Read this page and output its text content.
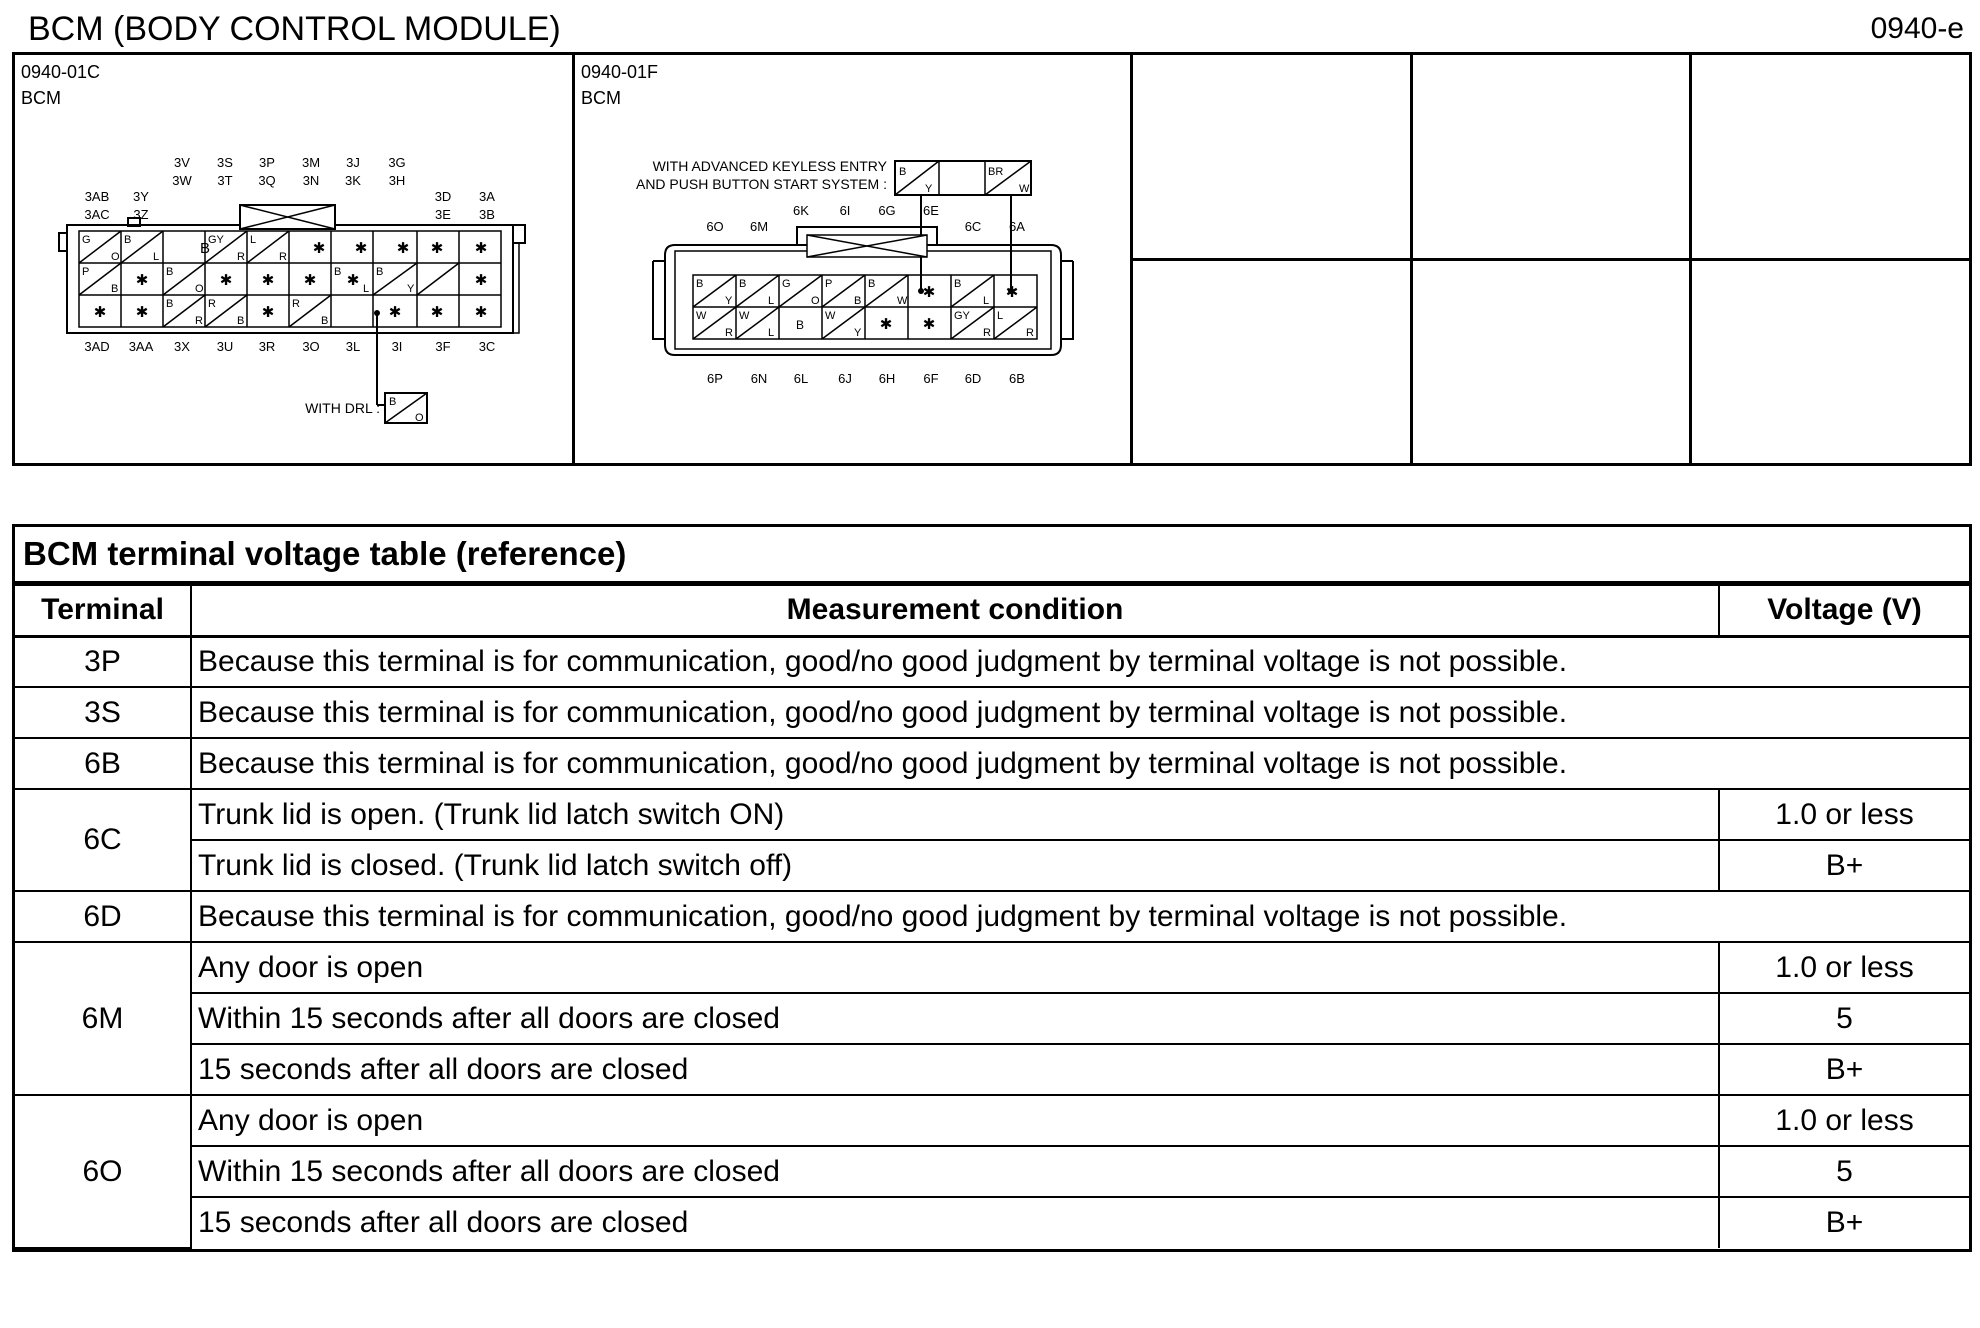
BCM (BODY CONTROL MODULE)	0940-e
0940-01C
BCM
3V 3S 3P 3M 3J 3G
3W 3T 3Q 3N 3K 3H
3AB 3Y
3AC 3Z
3D 3A
3E 3B
B	✱ ✱ ✱ ✱ ✱
✱	✱ ✱ ✱ ✱	✱
✱ ✱	✱	✱ ✱ ✱
G
O
B
L
GY
R
L
R
P
B
B
O
B
L
B
Y
B
R
R
B
R
B
B
O
WITH DRL :
3AD 3AA 3X 3U 3R 3O 3L 3I	3F 3C
0940-01F
BCM
WITH ADVANCED KEYLESS ENTRY
AND PUSH BUTTON START SYSTEM :
B
Y
BR
W
6K 6I 6G 6E
6O 6M	6C 6A
✱	✱
✱ ✱
B
B
Y
B
L
G
O
P
B
B
W
B
L
W
R
W
L
W
Y
GY
R
L
R
6P 6N 6L 6J 6H 6F 6D 6B
BCM terminal voltage table (reference)
Terminal	Measurement condition	Voltage (V)
3P	Because this terminal is for communication, good/no good judgment by terminal voltage is not possible.	
3S	Because this terminal is for communication, good/no good judgment by terminal voltage is not possible.	
6B	Because this terminal is for communication, good/no good judgment by terminal voltage is not possible.	
6C	Trunk lid is open. (Trunk lid latch switch ON)	1.0 or less
	Trunk lid is closed. (Trunk lid latch switch off)	B+
6D	Because this terminal is for communication, good/no good judgment by terminal voltage is not possible.	
6M	Any door is open	1.0 or less
	Within 15 seconds after all doors are closed	5
	15 seconds after all doors are closed	B+
6O	Any door is open	1.0 or less
	Within 15 seconds after all doors are closed	5
	15 seconds after all doors are closed	B+
